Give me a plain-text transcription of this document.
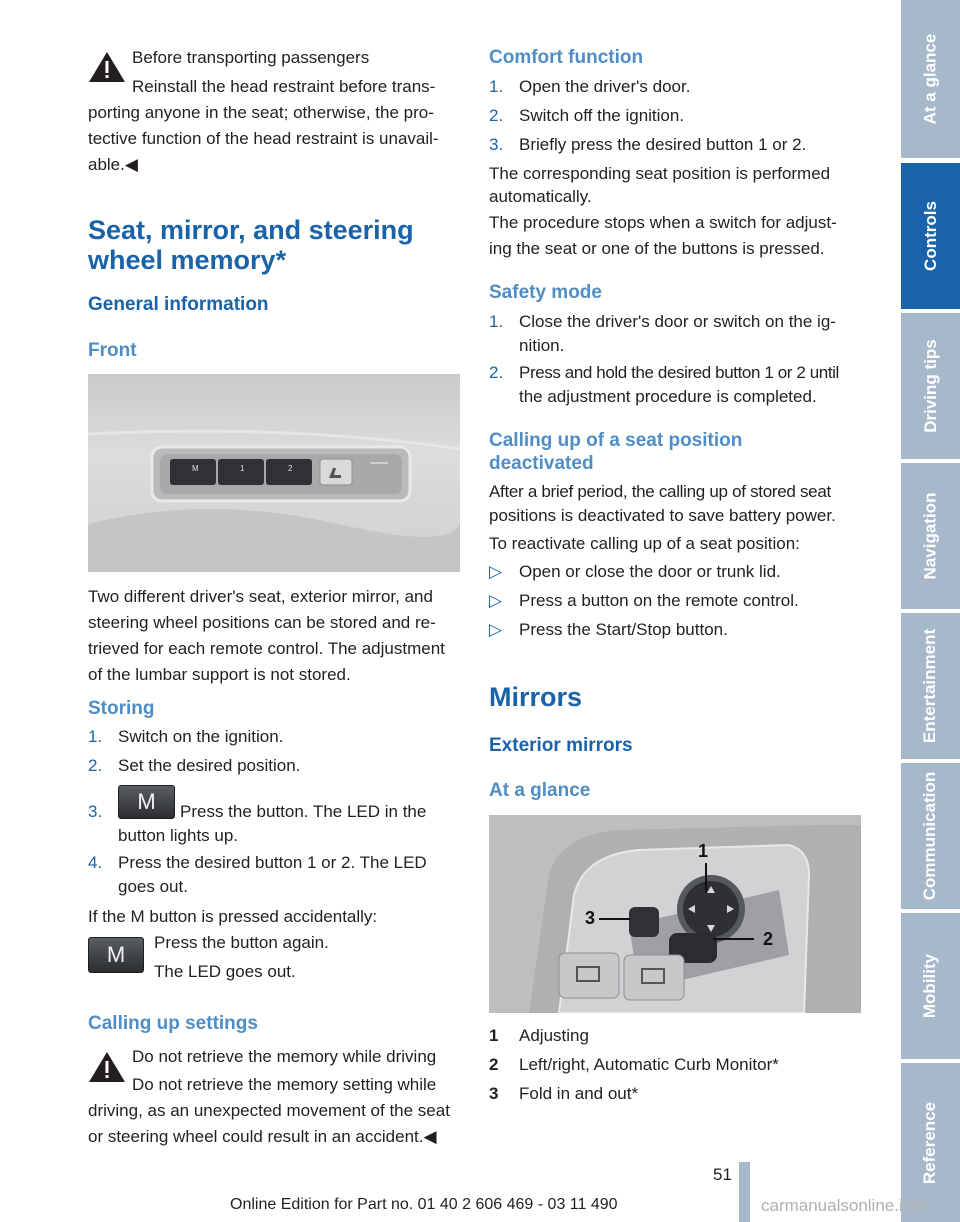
Before transporting passengers
Reinstall the head restraint before trans‐
porting anyone in the seat; otherwise, the pro‐
tective function of the head restraint is unavail‐
able.◀
Seat, mirror, and steering
wheel memory*
General information
Front
M	1	2
Two different driver's seat, exterior mirror, and
steering wheel positions can be stored and re‐
trieved for each remote control. The adjustment
of the lumbar support is not stored.
Storing
1. Switch on the ignition.
2. Set the desired position.
3.	M	Press the button. The LED in the
button lights up.
4. Press the desired button 1 or 2. The LED
goes out.
If the M button is pressed accidentally:
M	Press the button again.
The LED goes out.
Calling up settings
Do not retrieve the memory while driving
Do not retrieve the memory setting while
driving, as an unexpected movement of the seat
or steering wheel could result in an accident.◀
Comfort function
1. Open the driver's door.
2. Switch off the ignition.
3. Briefly press the desired button 1 or 2.
The corresponding seat position is performed
automatically.
The procedure stops when a switch for adjust‐
ing the seat or one of the buttons is pressed.
Safety mode
1. Close the driver's door or switch on the ig‐
nition.
2. Press and hold the desired button 1 or 2 until
the adjustment procedure is completed.
Calling up of a seat position
deactivated
After a brief period, the calling up of stored seat
positions is deactivated to save battery power.
To reactivate calling up of a seat position:
▷ Open or close the door or trunk lid.
▷ Press a button on the remote control.
▷ Press the Start/Stop button.
Mirrors
Exterior mirrors
At a glance
1
2
3
1 Adjusting
2 Left/right, Automatic Curb Monitor*
3 Fold in and out*
At a glance
Controls
Driving tips
Navigation
Entertainment
Communication
Mobility
Reference
51
Online Edition for Part no. 01 40 2 606 469 - 03 11 490	carmanualsonline.info
